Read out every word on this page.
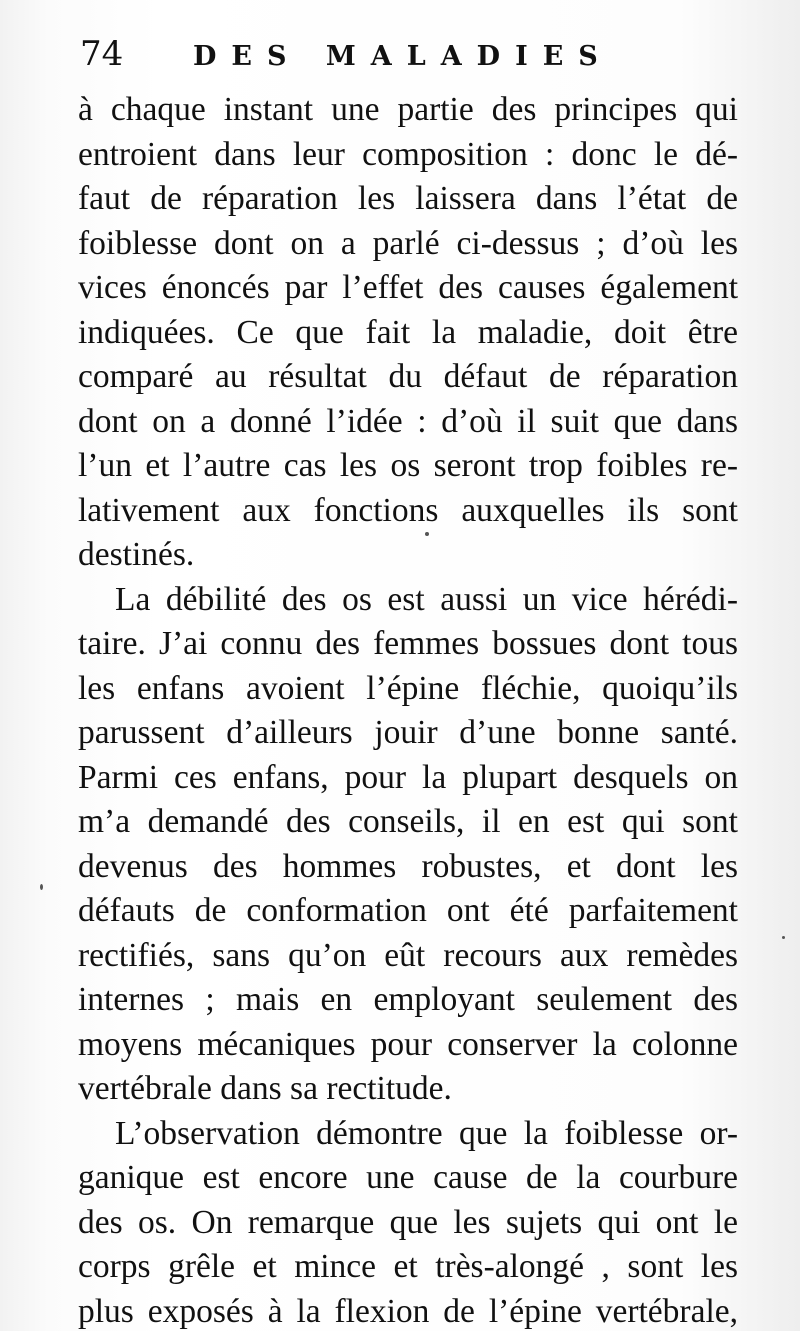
74	DES MALADIES

à chaque instant une partie des principes qui
entroient dans leur composition : donc le dé-
faut de réparation les laissera dans l’état de
foiblesse dont on a parlé ci-dessus ; d’où les
vices énoncés par l’effet des causes également
indiquées. Ce que fait la maladie, doit être
comparé au résultat du défaut de réparation
dont on a donné l’idée : d’où il suit que dans
l’un et l’autre cas les os seront trop foibles re-
lativement aux fonctions auxquelles ils sont
destinés.

La débilité des os est aussi un vice hérédi-
taire. J’ai connu des femmes bossues dont tous
les enfans avoient l’épine fléchie, quoiqu’ils
parussent d’ailleurs jouir d’une bonne santé.
Parmi ces enfans, pour la plupart desquels on
m’a demandé des conseils, il en est qui sont
devenus des hommes robustes, et dont les
défauts de conformation ont été parfaitement
rectifiés, sans qu’on eût recours aux remèdes
internes ; mais en employant seulement des
moyens mécaniques pour conserver la colonne
vertébrale dans sa rectitude.

L’observation démontre que la foiblesse or-
ganique est encore une cause de la courbure
des os. On remarque que les sujets qui ont le
corps grêle et mince et très-alongé , sont les
plus exposés à la flexion de l’épine vertébrale,
